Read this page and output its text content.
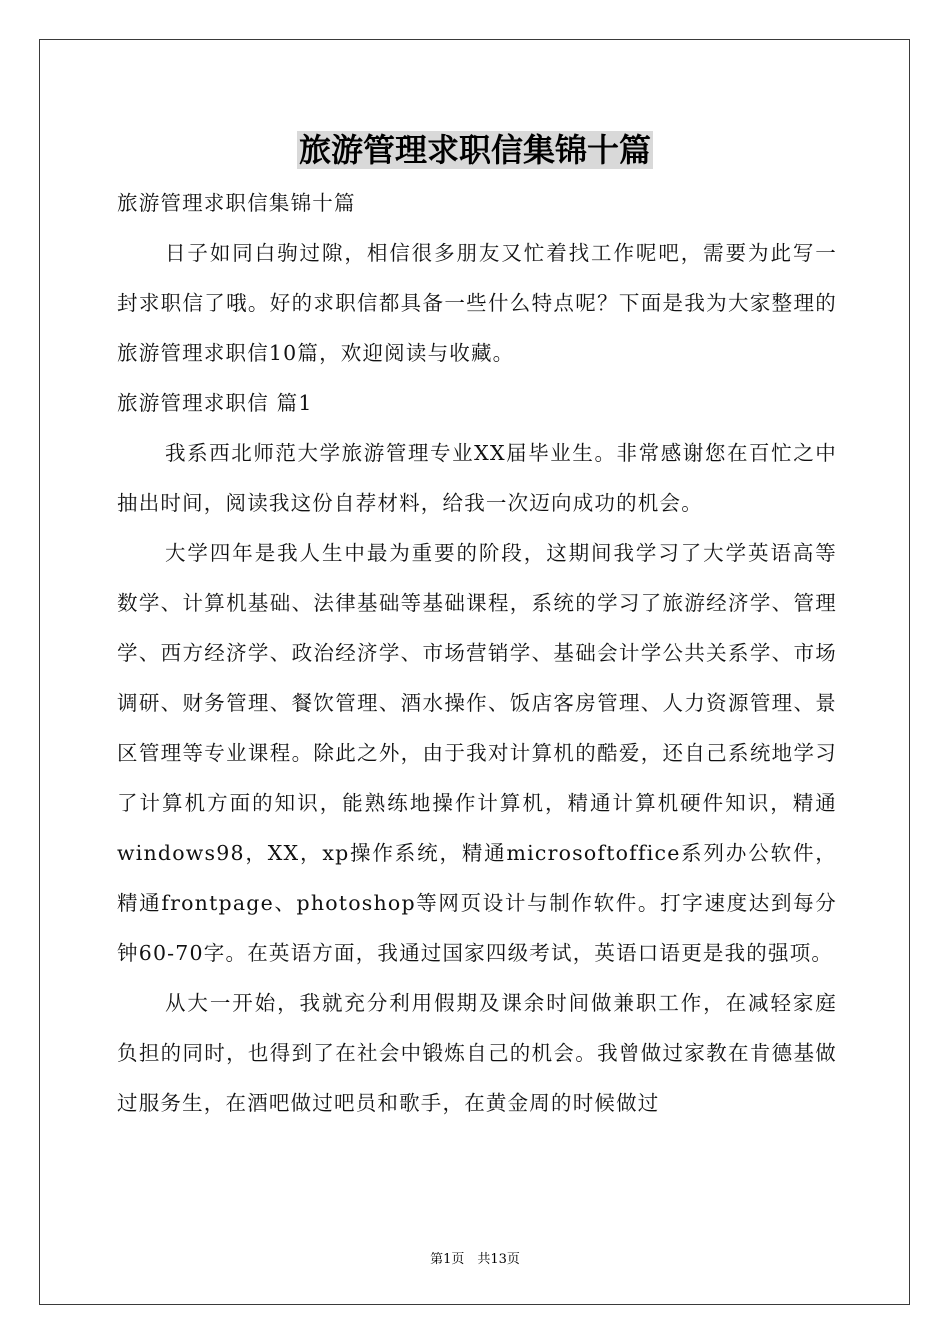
旅游管理求职信集锦十篇

旅游管理求职信集锦十篇

日子如同白驹过隙，相信很多朋友又忙着找工作呢吧，需要为此写一封求职信了哦。好的求职信都具备一些什么特点呢？下面是我为大家整理的旅游管理求职信10篇，欢迎阅读与收藏。

旅游管理求职信 篇1

我系西北师范大学旅游管理专业XX届毕业生。非常感谢您在百忙之中抽出时间，阅读我这份自荐材料，给我一次迈向成功的机会。

大学四年是我人生中最为重要的阶段，这期间我学习了大学英语高等数学、计算机基础、法律基础等基础课程，系统的学习了旅游经济学、管理学、西方经济学、政治经济学、市场营销学、基础会计学公共关系学、市场调研、财务管理、餐饮管理、酒水操作、饭店客房管理、人力资源管理、景区管理等专业课程。除此之外，由于我对计算机的酷爱，还自己系统地学习了计算机方面的知识，能熟练地操作计算机，精通计算机硬件知识，精通windows98，XX，xp操作系统，精通microsoftoffice系列办公软件，精通frontpage、photoshop等网页设计与制作软件。打字速度达到每分钟60-70字。在英语方面，我通过国家四级考试，英语口语更是我的强项。

从大一开始，我就充分利用假期及课余时间做兼职工作，在减轻家庭负担的同时，也得到了在社会中锻炼自己的机会。我曾做过家教在肯德基做过服务生，在酒吧做过吧员和歌手，在黄金周的时候做过

第1页　共13页
